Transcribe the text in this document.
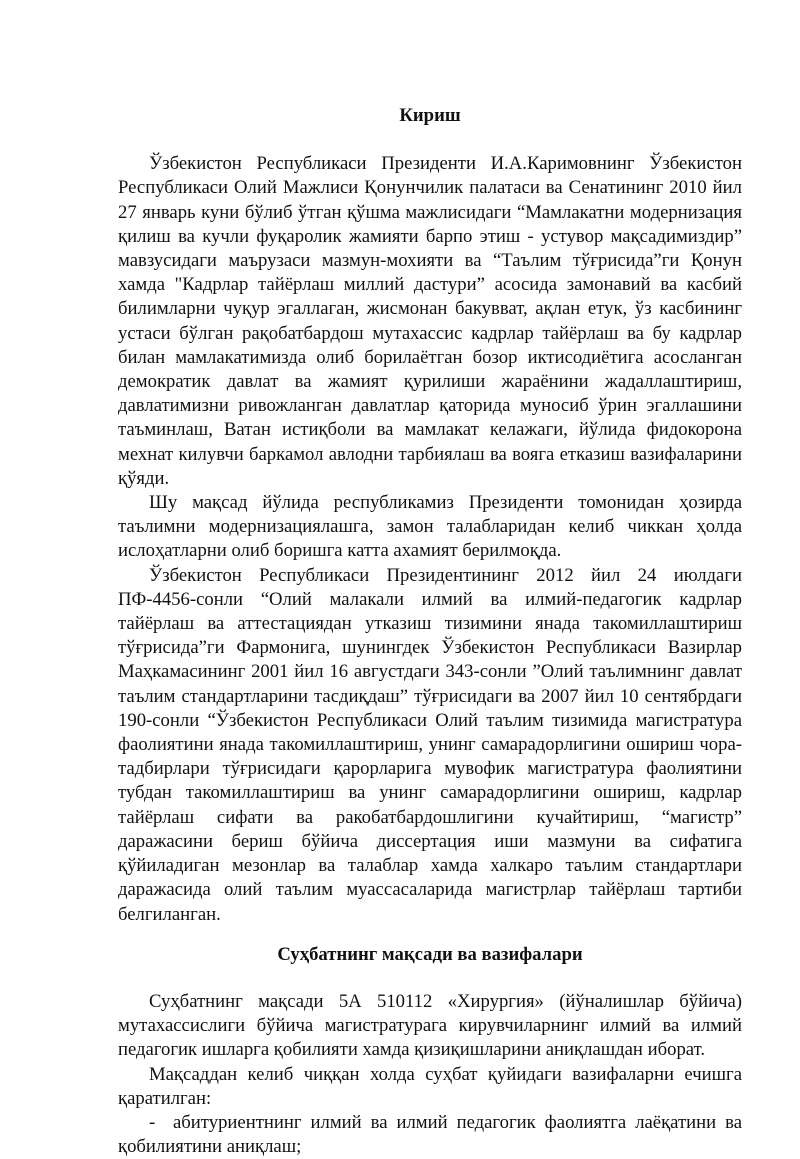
Кириш

Ўзбекистон Республикаси Президенти И.А.Каримовнинг Ўзбекистон Республикаси Олий Мажлиси Қонунчилик палатаси ва Сенатининг 2010 йил 27 январь куни бўлиб ўтган қўшма мажлисидаги “Мамлакатни модернизация қилиш ва кучли фуқаролик жамияти барпо этиш - устувор мақсадимиздир” мавзусидаги маърузаси мазмун-мохияти ва “Таълим тўғрисида”ги Қонун хамда "Кадрлар тайёрлаш миллий дастури” асосида замонавий ва касбий билимларни чуқур эгаллаган, жисмонан бакувват, ақлан етук, ўз касбининг устаси бўлган рақобатбардош мутахассис кадрлар тайёрлаш ва бу кадрлар билан мамлакатимизда олиб борилаётган бозор иктисодиётига асосланган демократик давлат ва жамият қурилиши жараёнини жадаллаштириш, давлатимизни ривожланган давлатлар қаторида муносиб ўрин эгаллашини таъминлаш, Ватан истиқболи ва мамлакат келажаги, йўлида фидокорона мехнат килувчи баркамол авлодни тарбиялаш ва вояга етказиш вазифаларини қўяди.

Шу мақсад йўлида республикамиз Президенти томонидан ҳозирда таълимни модернизациялашга, замон талабларидан келиб чиккан ҳолда ислоҳатларни олиб боришга катта ахамият берилмоқда.

Ўзбекистон Республикаси Президентининг 2012 йил 24 июлдаги ПФ-4456-сонли “Олий малакали илмий ва илмий-педагогик кадрлар тайёрлаш ва аттестациядан утказиш тизимини янада такомиллаштириш тўғрисида”ги Фармонига, шунингдек Ўзбекистон Республикаси Вазирлар Маҳкамасининг 2001 йил 16 августдаги 343-сонли ”Олий таълимнинг давлат таълим стандартларини тасдиқдаш” тўғрисидаги ва 2007 йил 10 сентябрдаги 190-сонли “Ўзбекистон Республикаси Олий таълим тизимида магистратура фаолиятини янада такомиллаштириш, унинг самарадорлигини ошириш чора-тадбирлари тўғрисидаги қарорларига мувофик магистратура фаолиятини тубдан такомиллаштириш ва унинг самарадорлигини ошириш, кадрлар тайёрлаш сифати ва ракобатбардошлигини кучайтириш, “магистр” даражасини бериш бўйича диссертация иши мазмуни ва сифатига қўйиладиган мезонлар ва талаблар хамда халкаро таълим стандартлари даражасида олий таълим муассасаларида магистрлар тайёрлаш тартиби белгиланган.

Суҳбатнинг мақсади ва вазифалари

Суҳбатнинг мақсади 5А 510112 «Хирургия» (йўналишлар бўйича) мутахассислиги бўйича магистратурага кирувчиларнинг илмий ва илмий педагогик ишларга қобилияти хамда қизиқишларини аниқлашдан иборат.

Мақсаддан келиб чиққан холда суҳбат қуйидаги вазифаларни ечишга қаратилган:

- абитуриентнинг илмий ва илмий педагогик фаолиятга лаёқатини ва қобилиятини аниқлаш;
